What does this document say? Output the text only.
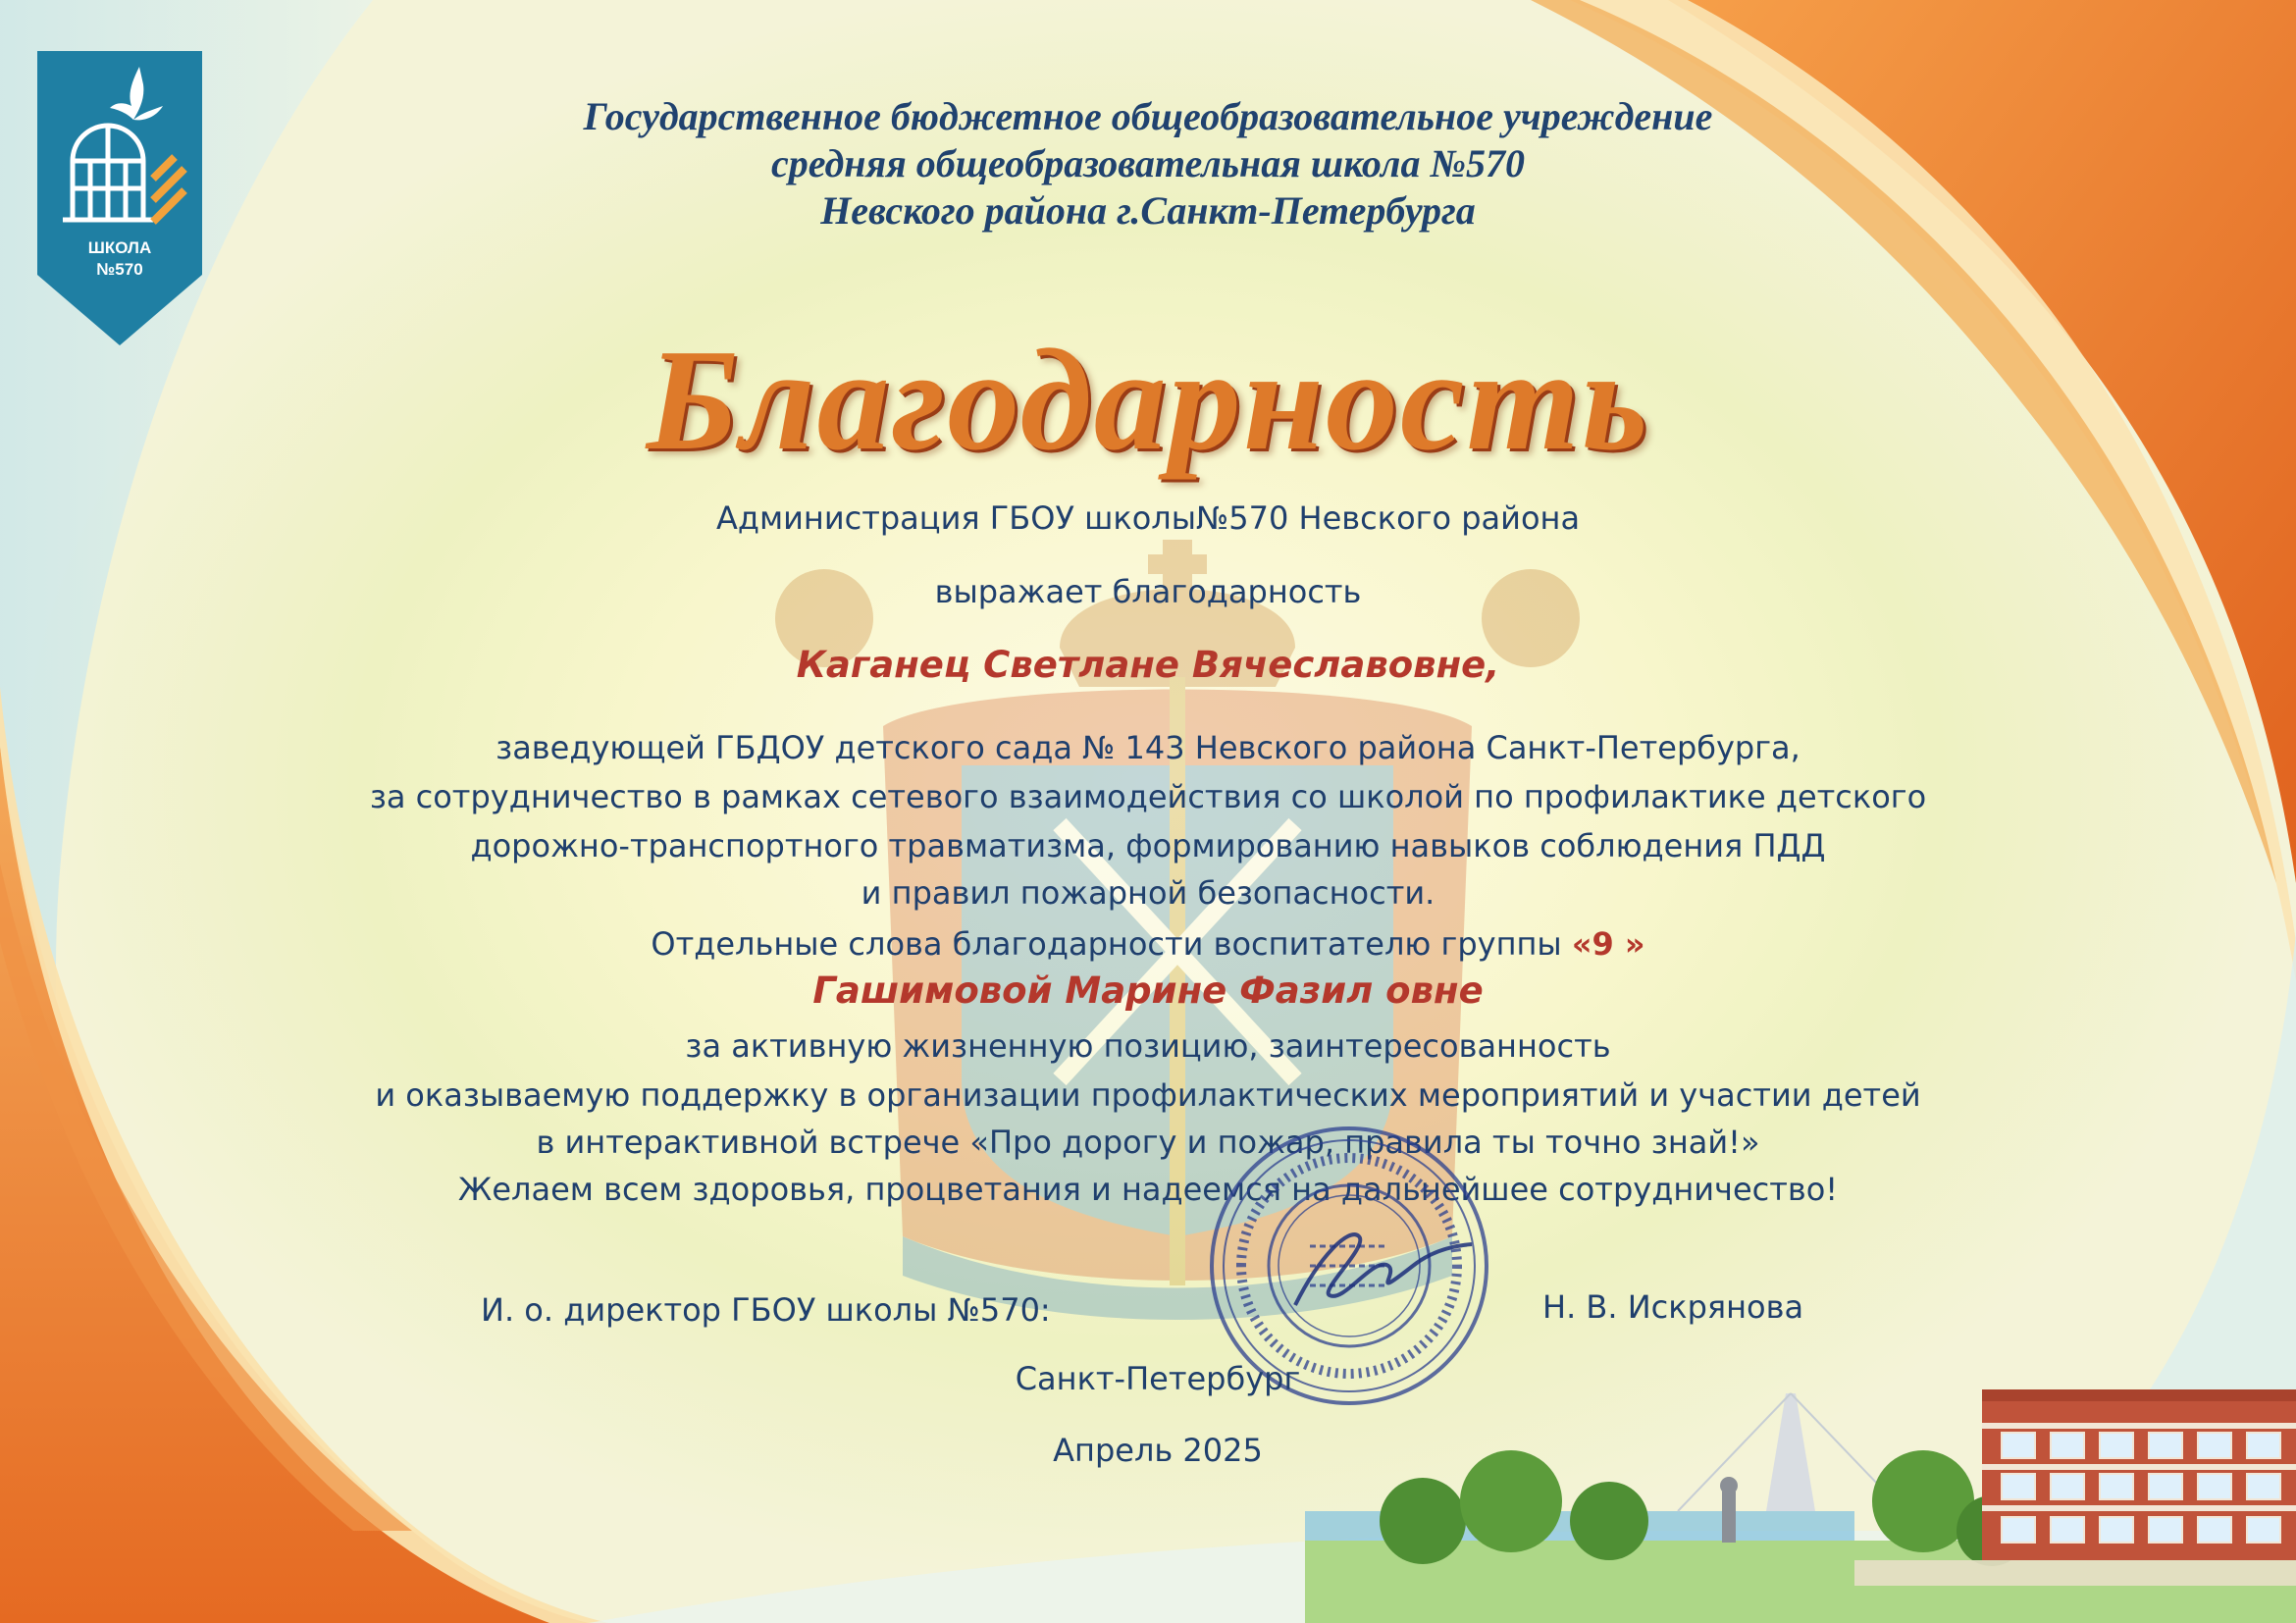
ШКОЛА
№570
Государственное бюджетное общеобразовательное учреждение
средняя общеобразовательная школа №570
Невского района г.Санкт-Петербурга
Благодарность
Администрация ГБОУ школы№570 Невского района
выражает благодарность
Каганец Светлане Вячеславовне,
заведующей ГБДОУ детского сада № 143 Невского района Санкт-Петербурга,
за сотрудничество в рамках сетевого взаимодействия со школой по профилактике детского
дорожно-транспортного травматизма, формированию навыков соблюдения ПДД
и правил пожарной безопасности.
Отдельные слова благодарности воспитателю группы «9 »
Гашимовой Марине Фазил овне
за активную жизненную позицию, заинтересованность
и оказываемую поддержку в организации профилактических мероприятий и участии детей
в интерактивной встрече «Про дорогу и пожар, правила ты точно знай!»
Желаем всем здоровья, процветания и надеемся на дальнейшее сотрудничество!
И. о. директор ГБОУ школы №570:	Н. В. Искрянова
Санкт-Петербург
Апрель 2025
